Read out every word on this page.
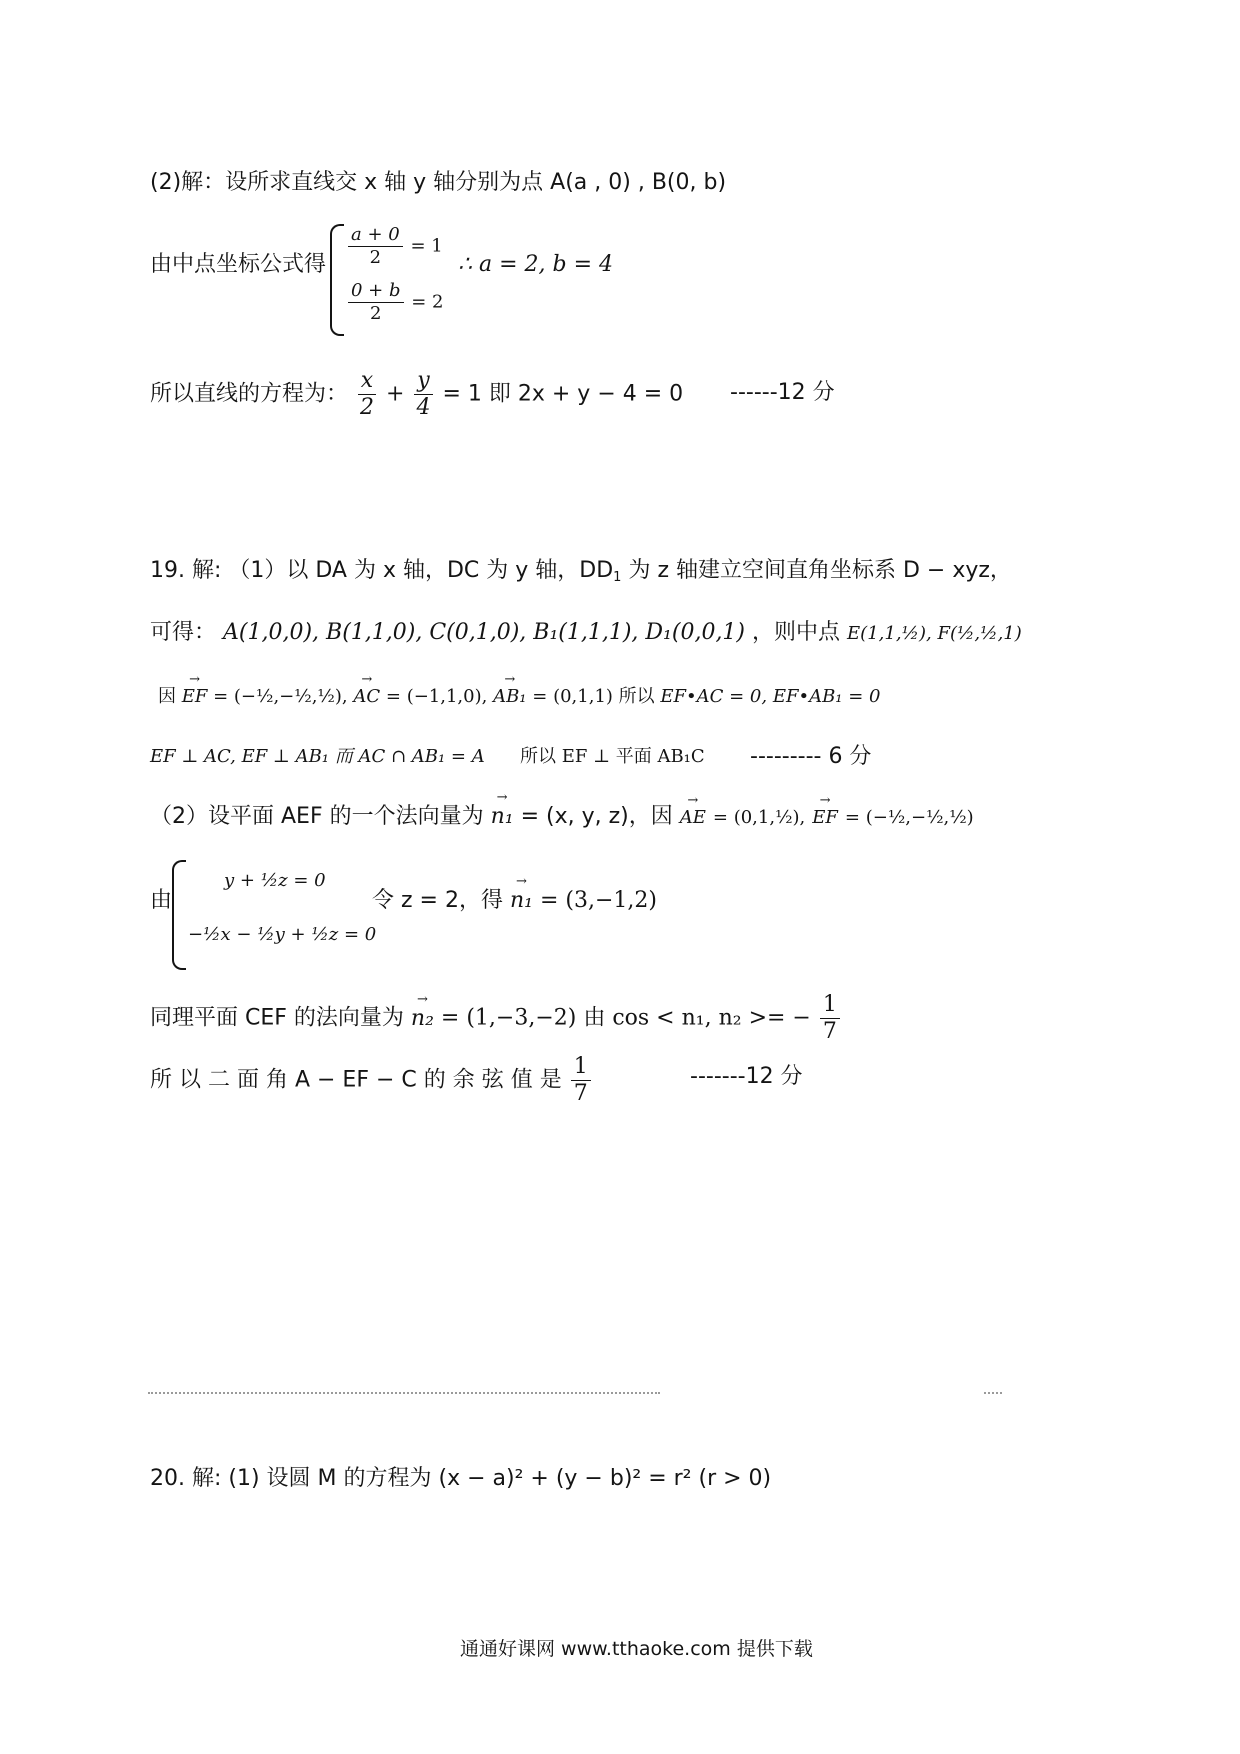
(2)解：设所求直线交 x 轴 y 轴分别为点 A(a , 0) , B(0, b)
由中点坐标公式得 $\frac{a + 0}{2} = 1$
$\frac{0 + b}{2} = 2$
∴ a = 2, b = 4
所以直线的方程为： $\frac{x}{2} + \frac{y}{4} = 1$ 即 2x + y − 4 = 0 ------12 分
19. 解: （1）以 DA 为 x 轴，DC 为 y 轴，$DD_1$ 为 z 轴建立空间直角坐标系 D − xyz，
可得： A(1,0,0), B(1,1,0), C(0,1,0), B₁(1,1,1), D₁(0,0,1) ，则中点 E(1,1,½), F(½,½,1)
因 → EF = (−½,−½,½), → AC = (−1,1,0), → AB₁ = (0,1,1) 所以 EF•AC = 0, EF•AB₁ = 0
EF ⊥ AC, EF ⊥ AB₁ 而 AC ∩ AB₁ = A 所以 EF ⊥ 平面 AB₁C --------- 6 分
（2）设平面 AEF 的一个法向量为 → n₁ = (x, y, z)，因 → AE = (0,1,½), → EF = (−½,−½,½)
由
y + ½z = 0
−½x − ½y + ½z = 0
令 z = 2，得 → n₁ = (3,−1,2)
同理平面 CEF 的法向量为 → n₂ = (1,−3,−2) 由 cos < n₁, n₂ >= − $\frac{1}{7}$
所 以 二 面 角 A − EF − C 的 余 弦 值 是 $\frac{1}{7}$	-------12 分
20. 解: (1) 设圆 M 的方程为 (x − a)² + (y − b)² = r² (r > 0)
通通好课网 www.tthaoke.com 提供下载
